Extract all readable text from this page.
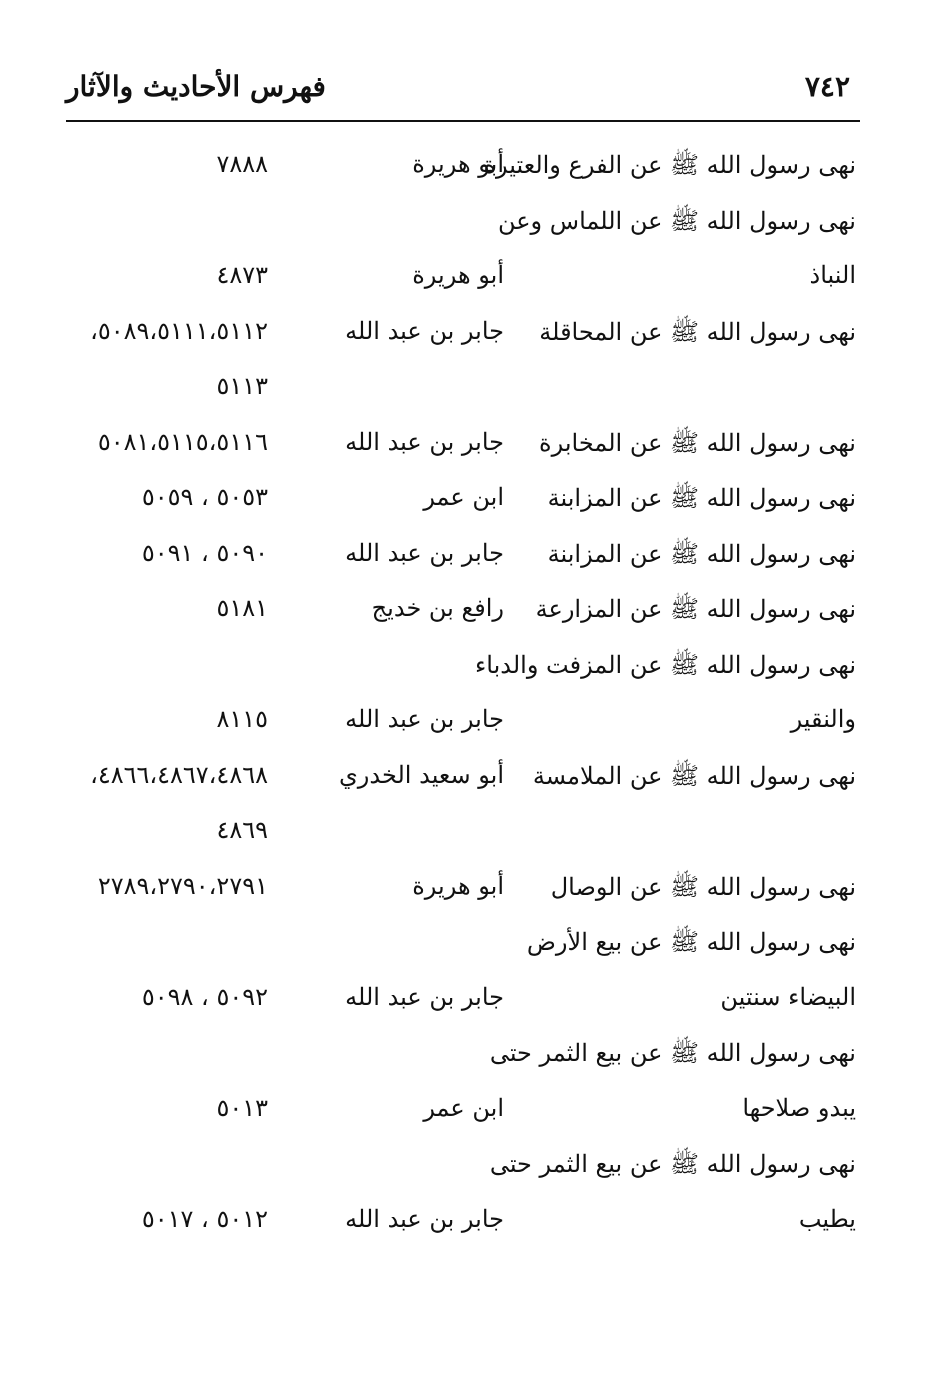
٧٤٢
فهرس الأحاديث والآثار
نهى رسول الله ﷺ عن الفرع والعتيرة
أبو هريرة
٧٨٨٨
نهى رسول الله ﷺ عن اللماس وعن
النباذ
أبو هريرة
٤٨٧٣
نهى رسول الله ﷺ عن المحاقلة
جابر بن عبد الله
٥٠٨٩،٥١١١،٥١١٢،
٥١١٣
نهى رسول الله ﷺ عن المخابرة
جابر بن عبد الله
٥٠٨١،٥١١٥،٥١١٦
نهى رسول الله ﷺ عن المزابنة
ابن عمر
٥٠٥٣ ، ٥٠٥٩
نهى رسول الله ﷺ عن المزابنة
جابر بن عبد الله
٥٠٩٠ ، ٥٠٩١
نهى رسول الله ﷺ عن المزارعة
رافع بن خديج
٥١٨١
نهى رسول الله ﷺ عن المزفت والدباء
والنقير
جابر بن عبد الله
٨١١٥
نهى رسول الله ﷺ عن الملامسة
أبو سعيد الخدري
٤٨٦٦،٤٨٦٧،٤٨٦٨،
٤٨٦٩
نهى رسول الله ﷺ عن الوصال
أبو هريرة
٢٧٨٩،٢٧٩٠،٢٧٩١
نهى رسول الله ﷺ عن بيع الأرض
البيضاء سنتين
جابر بن عبد الله
٥٠٩٢ ، ٥٠٩٨
نهى رسول الله ﷺ عن بيع الثمر حتى
يبدو صلاحها
ابن عمر
٥٠١٣
نهى رسول الله ﷺ عن بيع الثمر حتى
يطيب
جابر بن عبد الله
٥٠١٢ ، ٥٠١٧
